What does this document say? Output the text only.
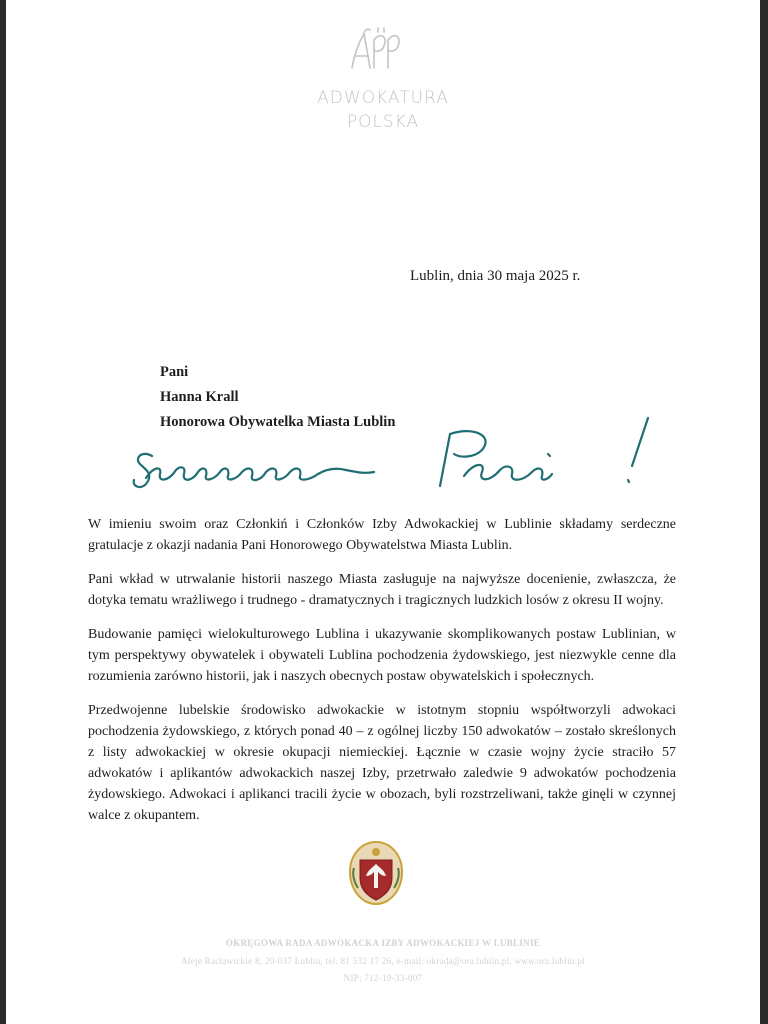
ADWOKATURA
POLSKA
Lublin, dnia 30 maja 2025 r.
Pani
Hanna Krall
Honorowa Obywatelka Miasta Lublin

W imieniu swoim oraz Członkiń i Członków Izby Adwokackiej w Lublinie składamy serdeczne gratulacje z okazji nadania Pani Honorowego Obywatelstwa Miasta Lublin.

Pani wkład w utrwalanie historii naszego Miasta zasługuje na najwyższe docenienie, zwłaszcza, że dotyka tematu wrażliwego i trudnego - dramatycznych i tragicznych ludzkich losów z okresu II wojny.

Budowanie pamięci wielokulturowego Lublina i ukazywanie skomplikowanych postaw Lublinian, w tym perspektywy obywatelek i obywateli Lublina pochodzenia żydowskiego, jest niezwykle cenne dla rozumienia zarówno historii, jak i naszych obecnych postaw obywatelskich i społecznych.

Przedwojenne lubelskie środowisko adwokackie w istotnym stopniu współtworzyli adwokaci pochodzenia żydowskiego, z których ponad 40 – z ogólnej liczby 150 adwokatów – zostało skreślonych z listy adwokackiej w okresie okupacji niemieckiej. Łącznie w czasie wojny życie straciło 57 adwokatów i aplikantów adwokackich naszej Izby, przetrwało zaledwie 9 adwokatów pochodzenia żydowskiego. Adwokaci i aplikanci tracili życie w obozach, byli rozstrzeliwani, także ginęli w czynnej walce z okupantem.

OKRĘGOWA RADA ADWOKACKA IZBY ADWOKACKIEJ W LUBLINIE
Aleje Racławickie 8, 20-037 Lublin, tel. 81 532 17 26, e-mail: okrada@ora.lublin.pl, www.ora.lublin.pl
NIP: 712-19-33-007
